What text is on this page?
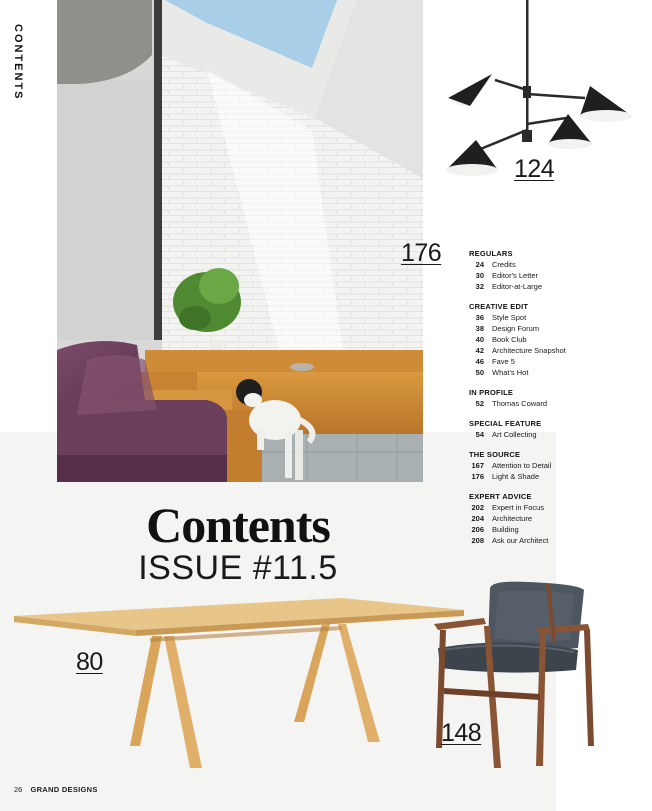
CONTENTS
176
124
REGULARS
24 Credits
30 Editor's Letter
32 Editor-at-Large
CREATIVE EDIT
36 Style Spot
38 Design Forum
40 Book Club
42 Architecture Snapshot
46 Fave 5
50 What's Hot
IN PROFILE
52 Thomas Coward
SPECIAL FEATURE
54 Art Collecting
THE SOURCE
167 Attention to Detail
176 Light & Shade
EXPERT ADVICE
202 Expert in Focus
204 Architecture
206 Building
208 Ask our Architect
Contents
ISSUE #11.5
80
148
26 GRAND DESIGNS
